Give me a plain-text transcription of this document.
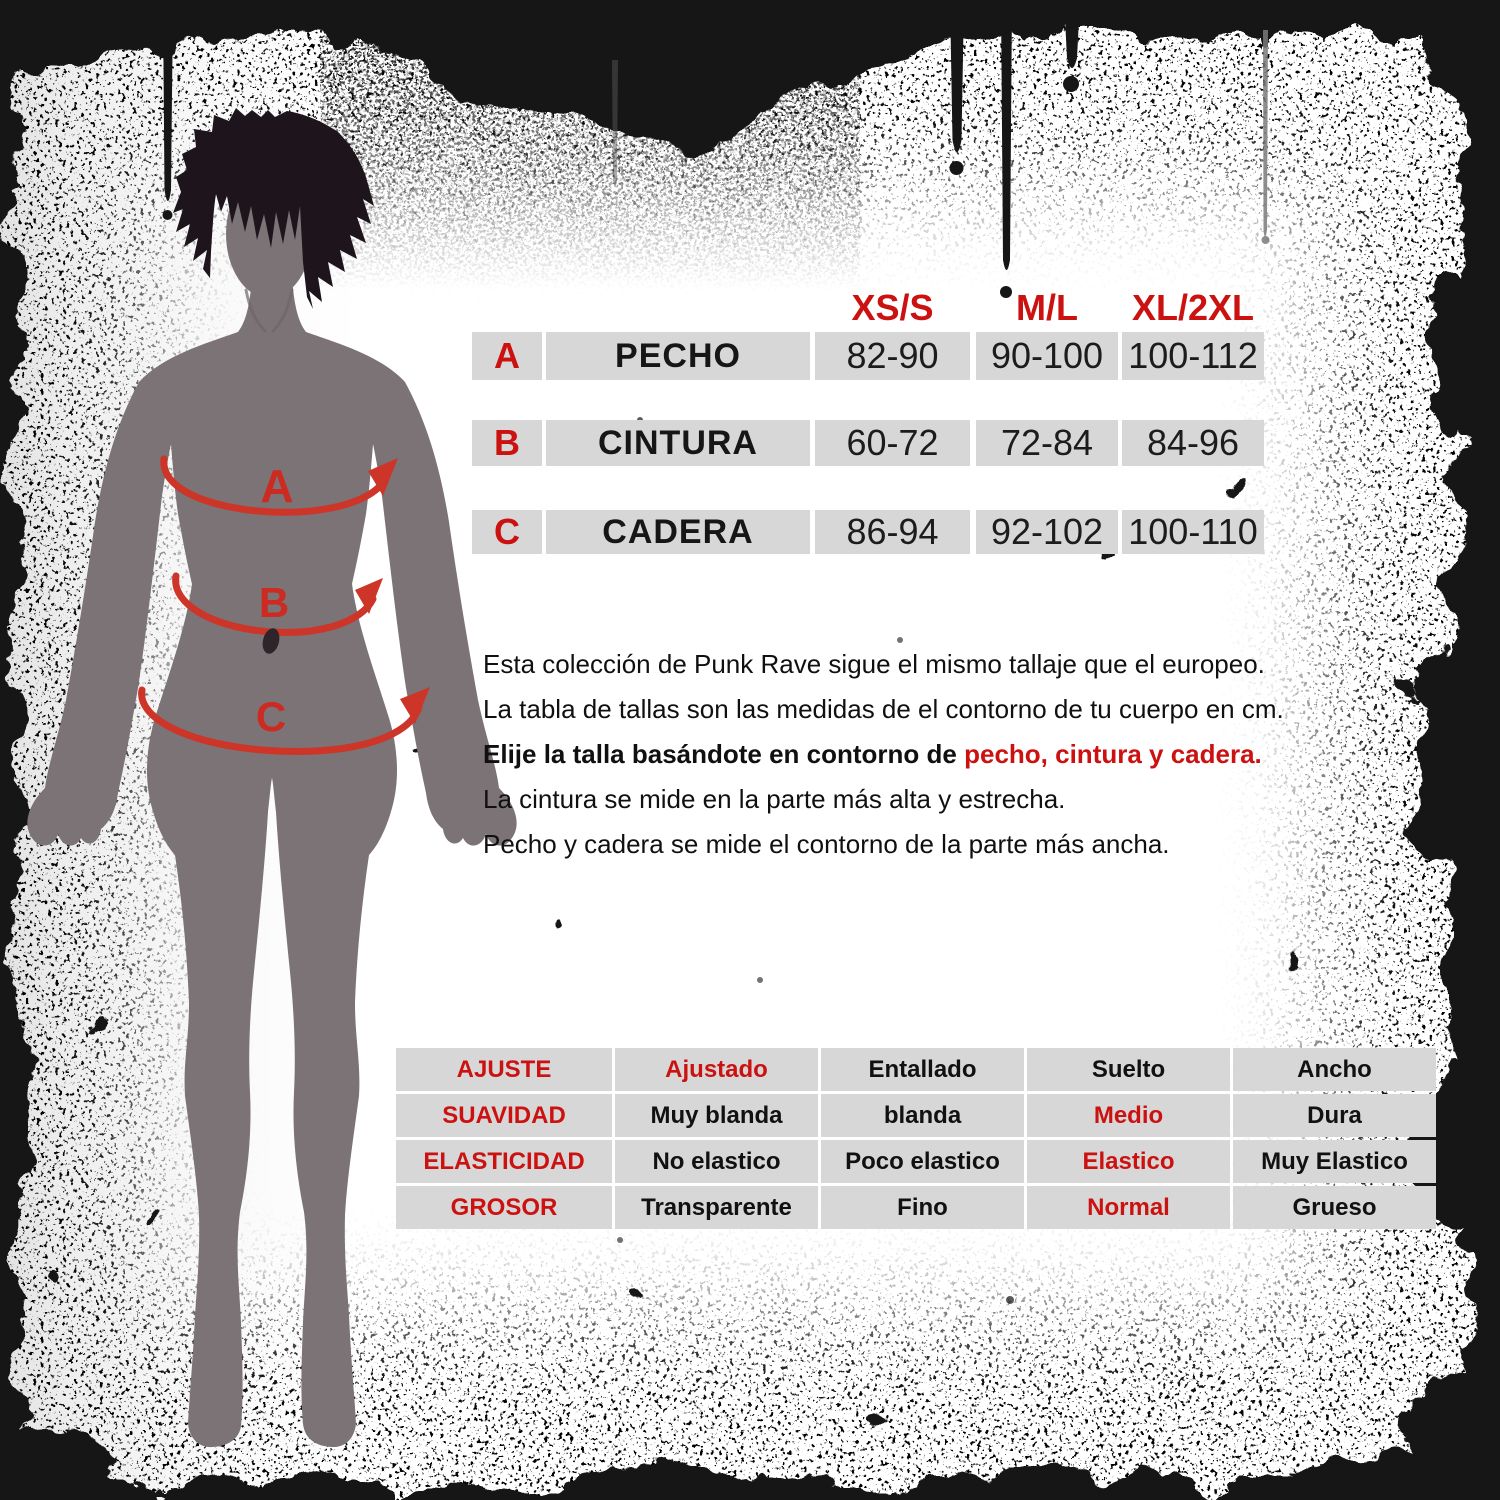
A
B
C
XS/S	M/L	XL/2XL
A	PECHO	82-90	90-100 100-112
B	CINTURA	60-72	72-84	84-96
C	CADERA	86-94	92-102 100-110
Esta colección de Punk Rave sigue el mismo tallaje que el europeo.
La tabla de tallas son las medidas de el contorno de tu cuerpo en cm.
Elije la talla basándote en contorno de pecho, cintura y cadera.
La cintura se mide en la parte más alta y estrecha.
Pecho y cadera se mide el contorno de la parte más ancha.
AJUSTE	Ajustado	Entallado	Suelto	Ancho
SUAVIDAD	Muy blanda	blanda	Medio	Dura
ELASTICIDAD	No elastico	Poco elastico	Elastico	Muy Elastico
GROSOR	Transparente	Fino	Normal	Grueso
